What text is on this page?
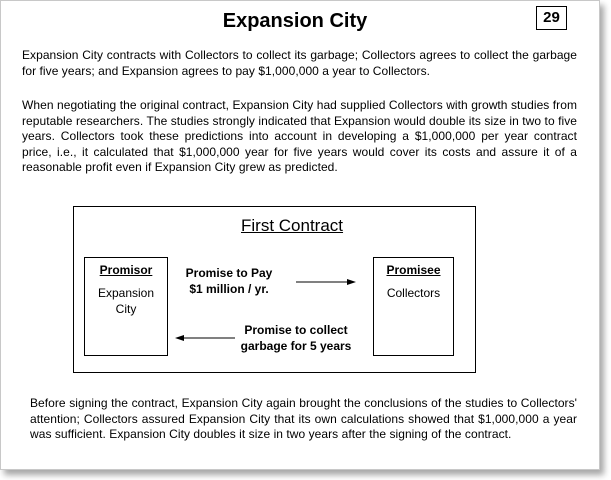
Expansion City	29
Expansion City contracts with Collectors to collect its garbage; Collectors agrees to collect the garbage for five years; and Expansion agrees to pay $1,000,000 a year to Collectors.
When negotiating the original contract, Expansion City had supplied Collectors with growth studies from reputable researchers. The studies strongly indicated that Expansion would double its size in two to five years. Collectors took these predictions into account in developing a $1,000,000 per year contract price, i.e., it calculated that $1,000,000 year for five years would cover its costs and assure it of a reasonable profit even if Expansion City grew as predicted.
First Contract
Promisor
Expansion
City
Promisee
Collectors
Promise to Pay
$1 million / yr.
Promise to collect
garbage for 5 years
Before signing the contract, Expansion City again brought the conclusions of the studies to Collectors' attention; Collectors assured Expansion City that its own calculations showed that $1,000,000 a year was sufficient. Expansion City doubles it size in two years after the signing of the contract.
